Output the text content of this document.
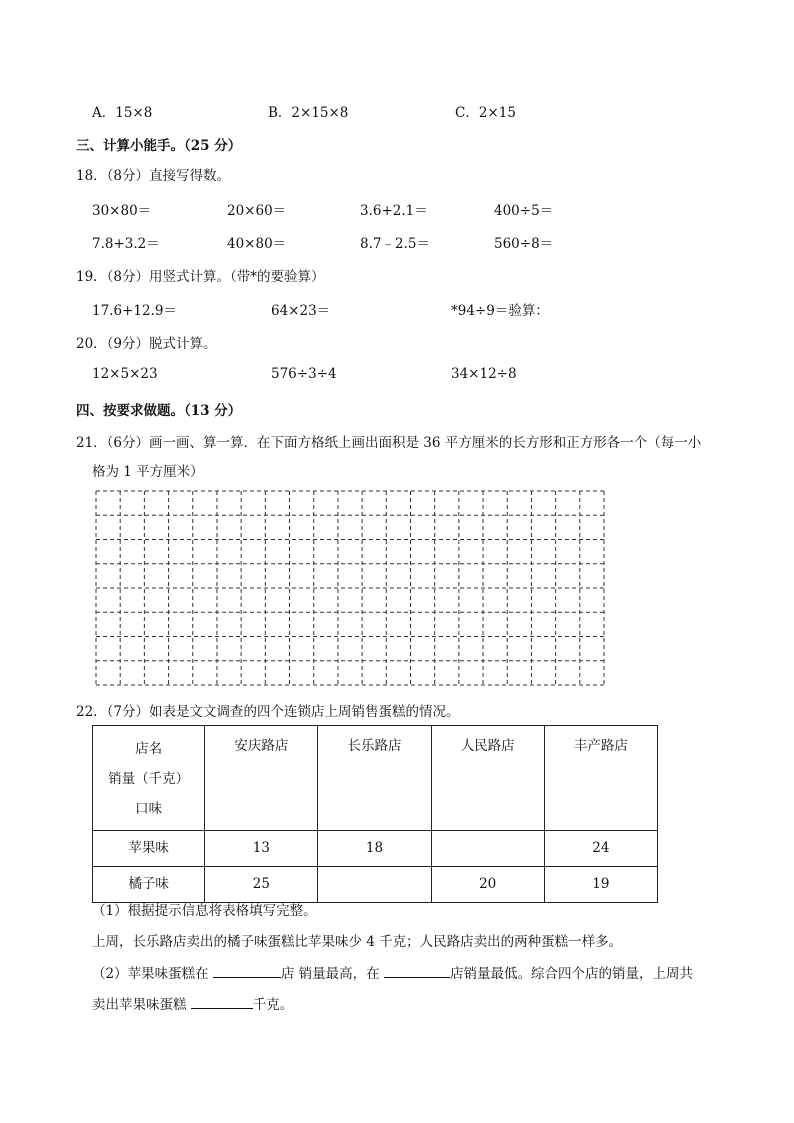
A．15×8	B．2×15×8	C．2×15
三、计算小能手。（25 分）
18．（8分）直接写得数。
30×80＝	20×60＝	3.6+2.1＝	400÷5＝
7.8+3.2＝	40×80＝	8.7﹣2.5＝	560÷8＝
19．（8分）用竖式计算。（带*的要验算）
17.6+12.9＝	64×23＝	*94÷9＝验算：
20．（9分）脱式计算。
12×5×23	576÷3÷4	34×12÷8
四、按要求做题。（13 分）
21．（6分）画一画、算一算．在下面方格纸上画出面积是 36 平方厘米的长方形和正方形各一个（每一小
格为 1 平方厘米）
22．（7分）如表是文文调查的四个连锁店上周销售蛋糕的情况。
店名
销量（千克）
口味	安庆路店	长乐路店	人民路店	丰产路店
苹果味	13	18		24
橘子味	25		20	19
（1）根据提示信息将表格填写完整。
上周，长乐路店卖出的橘子味蛋糕比苹果味少 4 千克；人民路店卖出的两种蛋糕一样多。
（2）苹果味蛋糕在	店 销量最高，在	店销量最低。综合四个店的销量，上周共
卖出苹果味蛋糕	千克。
